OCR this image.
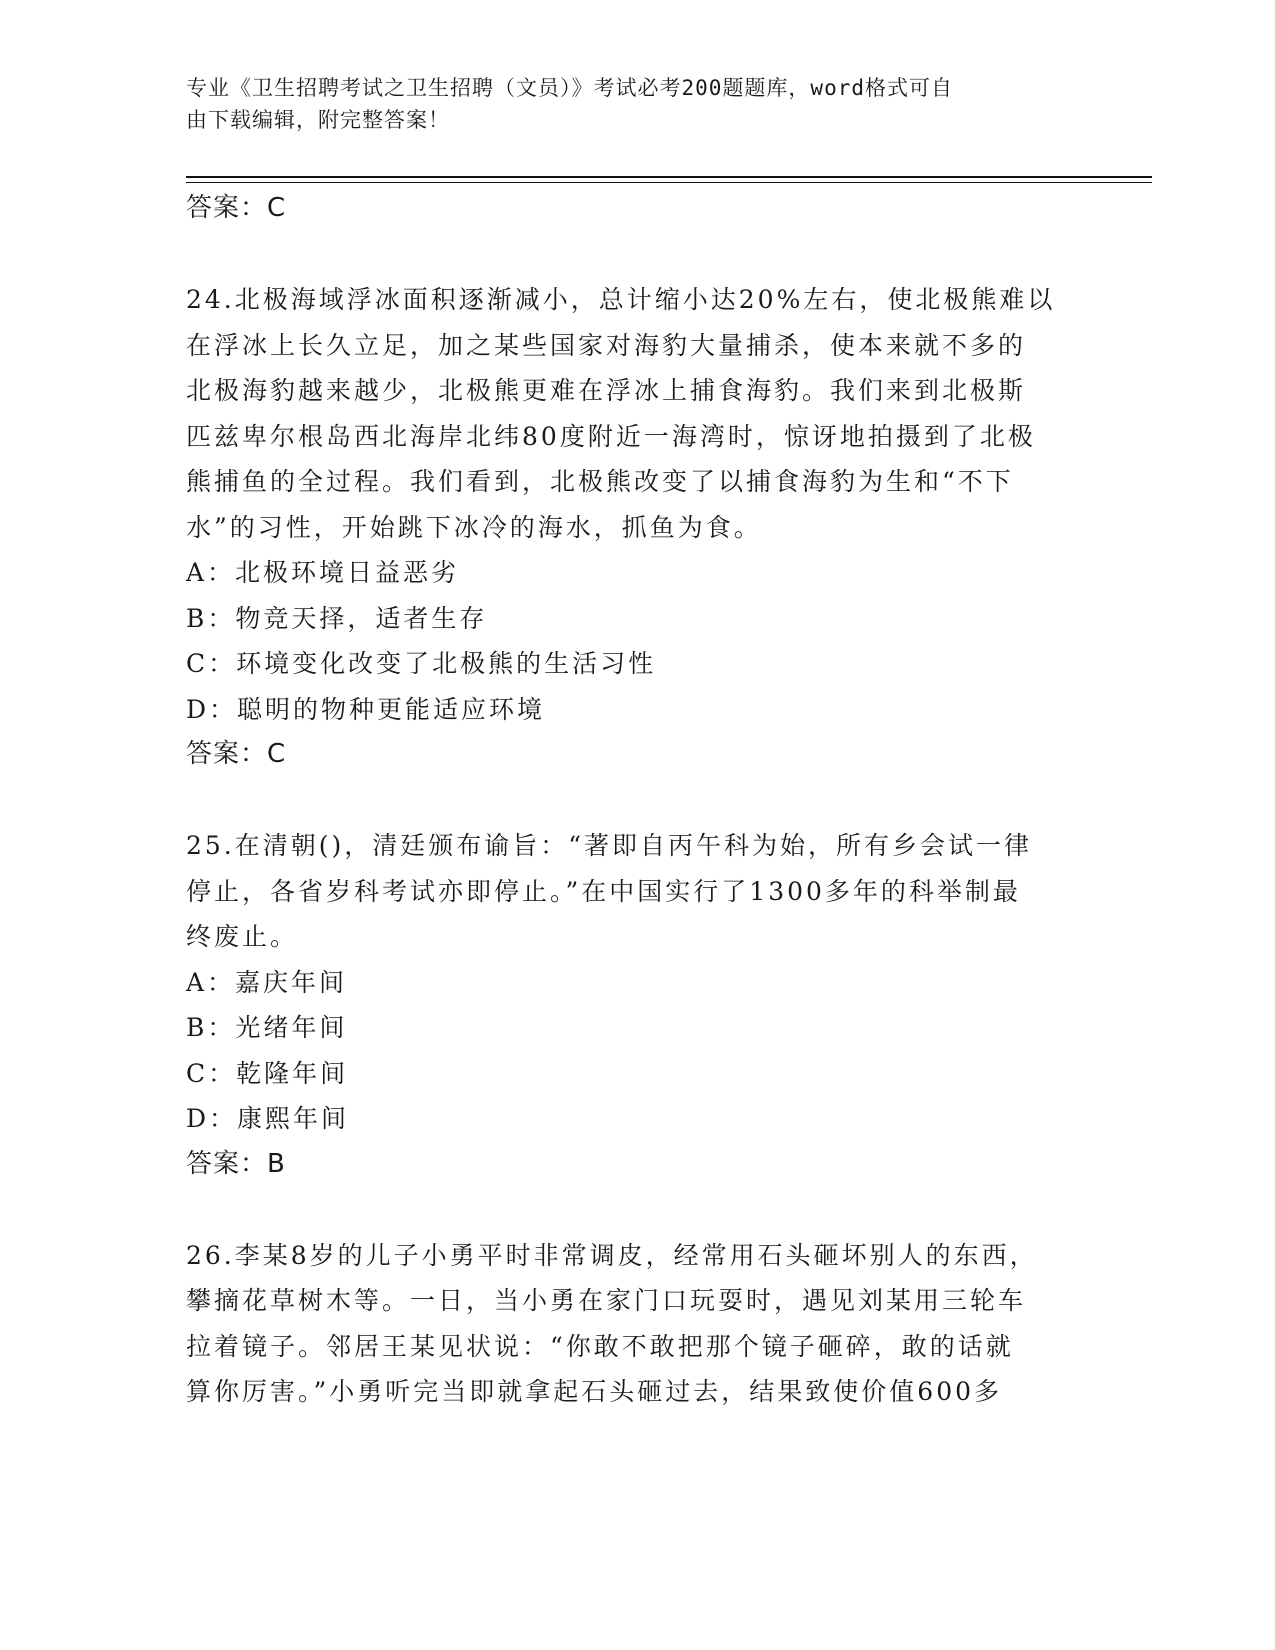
专业《卫生招聘考试之卫生招聘（文员）》考试必考200题题库，word格式可自
由下载编辑，附完整答案！
答案：C
24.北极海域浮冰面积逐渐减小，总计缩小达20%左右，使北极熊难以
在浮冰上长久立足，加之某些国家对海豹大量捕杀，使本来就不多的
北极海豹越来越少，北极熊更难在浮冰上捕食海豹。我们来到北极斯
匹兹卑尔根岛西北海岸北纬80度附近一海湾时，惊讶地拍摄到了北极
熊捕鱼的全过程。我们看到，北极熊改变了以捕食海豹为生和“不下
水”的习性，开始跳下冰冷的海水，抓鱼为食。
A：北极环境日益恶劣
B：物竞天择，适者生存
C：环境变化改变了北极熊的生活习性
D：聪明的物种更能适应环境
答案：C
25.在清朝()，清廷颁布谕旨：“著即自丙午科为始，所有乡会试一律
停止，各省岁科考试亦即停止。”在中国实行了1300多年的科举制最
终废止。
A：嘉庆年间
B：光绪年间
C：乾隆年间
D：康熙年间
答案：B
26.李某8岁的儿子小勇平时非常调皮，经常用石头砸坏别人的东西，
攀摘花草树木等。一日，当小勇在家门口玩耍时，遇见刘某用三轮车
拉着镜子。邻居王某见状说：“你敢不敢把那个镜子砸碎，敢的话就
算你厉害。”小勇听完当即就拿起石头砸过去，结果致使价值600多
